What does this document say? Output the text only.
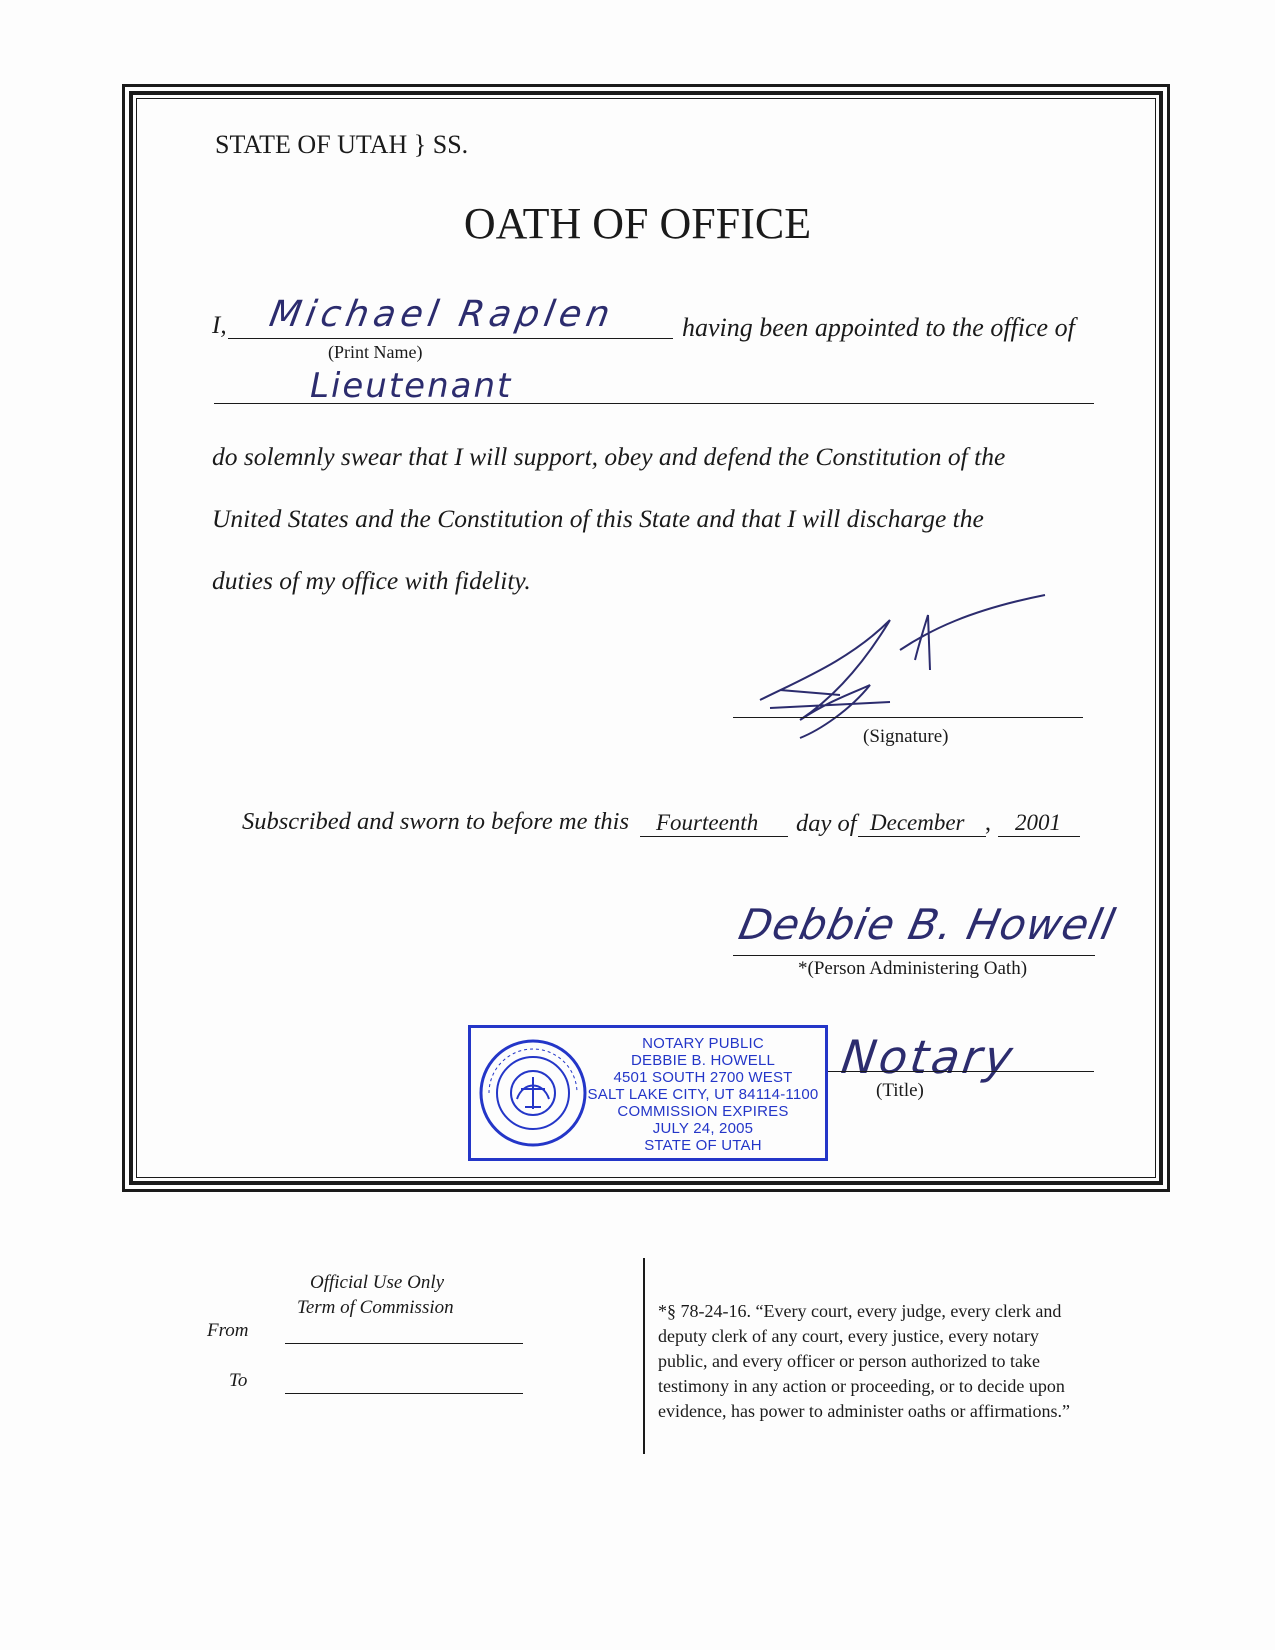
STATE OF UTAH } SS.
OATH OF OFFICE
I, Michael Raplen
(Print Name)
having been appointed to the office of
Lieutenant
do solemnly swear that I will support, obey and defend the Constitution of the
United States and the Constitution of this State and that I will discharge the
duties of my office with fidelity.
(Signature)
Subscribed and sworn to before me this Fourteenth day of December , 2001
Debbie B. Howell
*(Person Administering Oath)
NOTARY PUBLIC
DEBBIE B. HOWELL
4501 SOUTH 2700 WEST
SALT LAKE CITY, UT 84114-1100
COMMISSION EXPIRES
JULY 24, 2005
STATE OF UTAH
Notary
(Title)
Official Use Only
Term of Commission
From
To
*§ 78-24-16. “Every court, every judge, every clerk and
deputy clerk of any court, every justice, every notary
public, and every officer or person authorized to take
testimony in any action or proceeding, or to decide upon
evidence, has power to administer oaths or affirmations.”
